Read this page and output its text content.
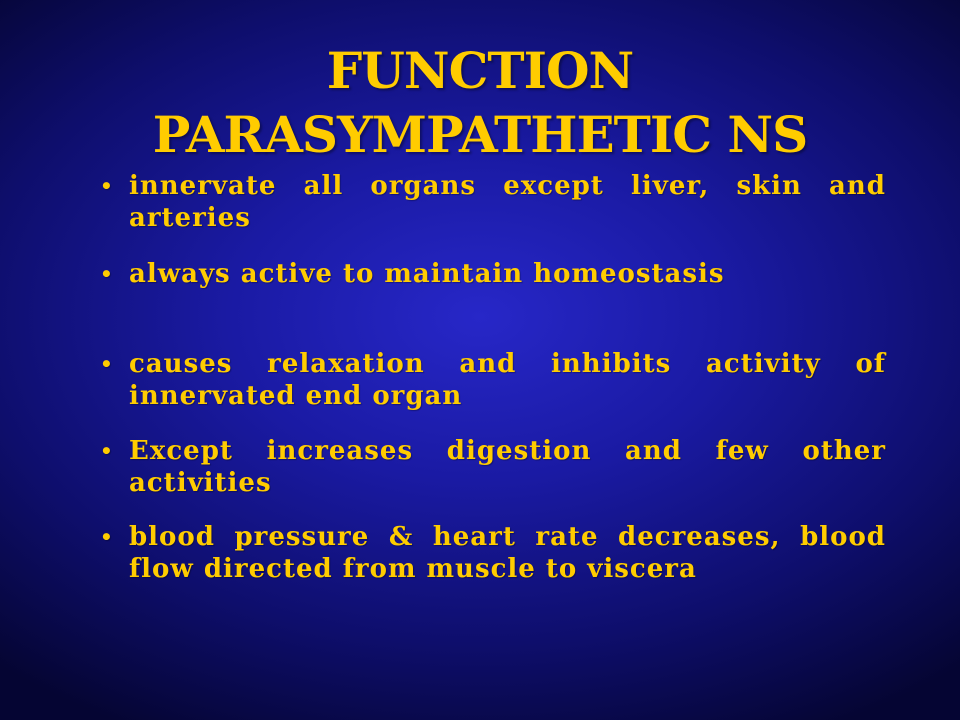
FUNCTION
PARASYMPATHETIC NS
• innervate all organs except liver, skin and arteries
• always active to maintain homeostasis
• causes relaxation and inhibits activity of innervated end organ
• Except increases digestion and few other activities
• blood pressure & heart rate decreases, blood flow directed from muscle to viscera
